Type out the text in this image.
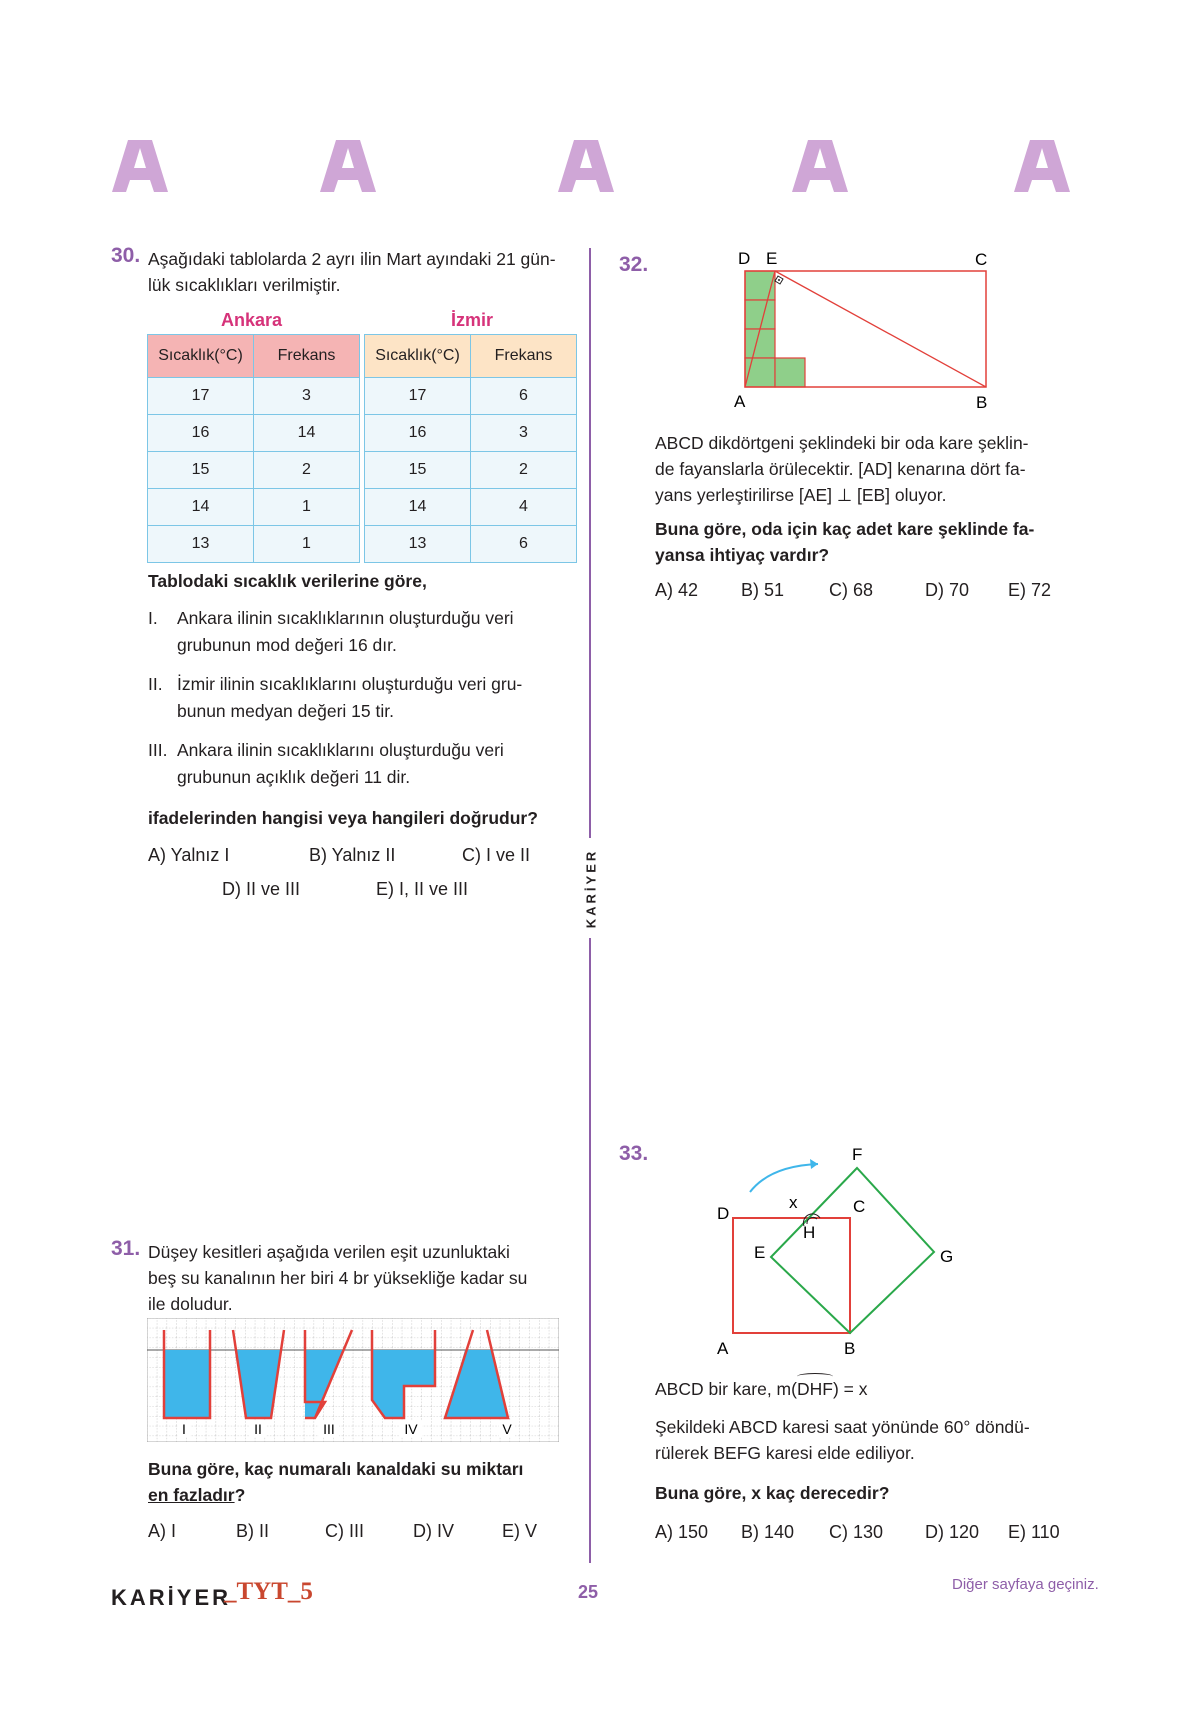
KARİYER
30. Aşağıdaki tablolarda 2 ayrı ilin Mart ayındaki 21 gün-
lük sıcaklıkları verilmiştir.
Ankara	İzmir
Sıcaklık(°C)	Frekans
17	3
16	14
15	2
14	1
13	1
Sıcaklık(°C)	Frekans
17	6
16	3
15	2
14	4
13	6
Tablodaki sıcaklık verilerine göre,
I. Ankara ilinin sıcaklıklarının oluşturduğu veri
grubunun mod değeri 16 dır.
II. İzmir ilinin sıcaklıklarını oluşturduğu veri gru-
bunun medyan değeri 15 tir.
III. Ankara ilinin sıcaklıklarını oluşturduğu veri
grubunun açıklık değeri 11 dir.
ifadelerinden hangisi veya hangileri doğrudur?
A) Yalnız I	B) Yalnız II	C) I ve II
D) II ve III	E) I, II ve III
31. Düşey kesitleri aşağıda verilen eşit uzunluktaki
beş su kanalının her biri 4 br yüksekliğe kadar su
ile doludur.
I	II	III	IV	V
Buna göre, kaç numaralı kanaldaki su miktarı
en fazladır?
A) I	B) II	C) III	D) IV	E) V
32.	D E	C
A	B
ABCD dikdörtgeni şeklindeki bir oda kare şeklin-
de fayanslarla örülecektir. [AD] kenarına dört fa-
yans yerleştirilirse [AE] ⊥ [EB] oluyor.
Buna göre, oda için kaç adet kare şeklinde fa-
yansa ihtiyaç vardır?
A) 42 B) 51 C) 68	D) 70 E) 72
33.	F
x	C
D
H
E	G
A	B
ABCD bir kare, m(
DHF) = x
Şekildeki ABCD karesi saat yönünde 60° döndü-
rülerek BEFG karesi elde ediliyor.
Buna göre, x kaç derecedir?
A) 150 B) 140 C) 130 D) 120 E) 110
KARİYER
_TYT_5	25	Diğer sayfaya geçiniz.
